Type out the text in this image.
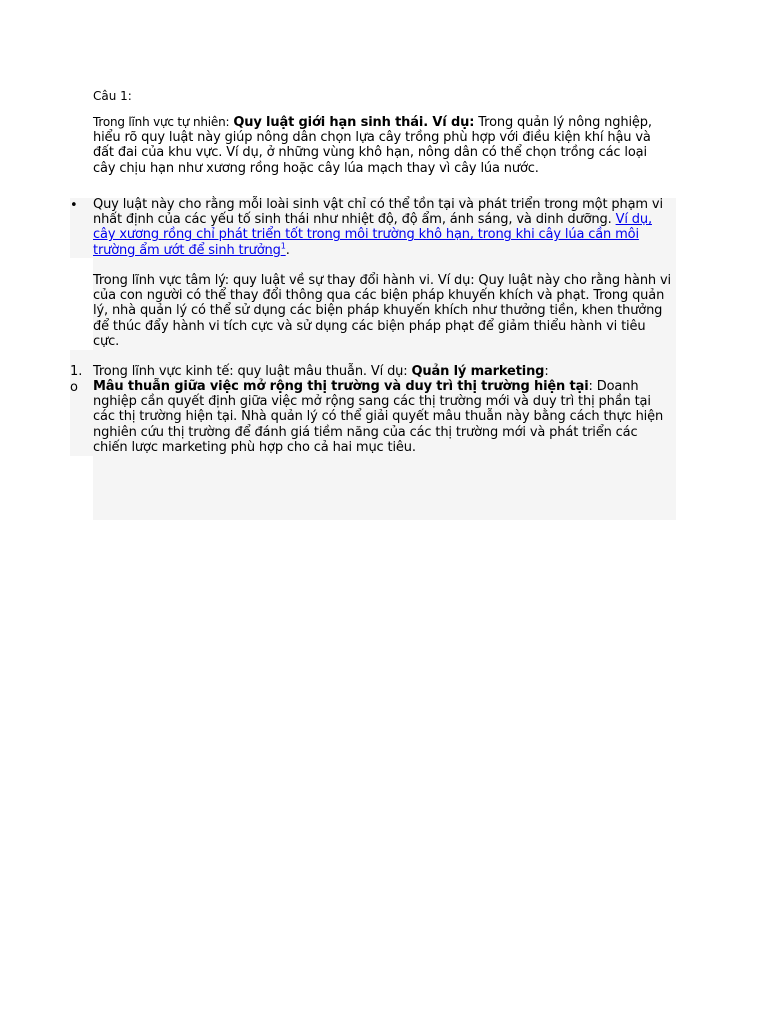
Câu 1:
Trong lĩnh vực tự nhiên: Quy luật giới hạn sinh thái. Ví dụ: Trong quản lý nông nghiệp, hiểu rõ quy luật này giúp nông dân chọn lựa cây trồng phù hợp với điều kiện khí hậu và đất đai của khu vực. Ví dụ, ở những vùng khô hạn, nông dân có thể chọn trồng các loại cây chịu hạn như xương rồng hoặc cây lúa mạch thay vì cây lúa nước.
• Quy luật này cho rằng mỗi loài sinh vật chỉ có thể tồn tại và phát triển trong một phạm vi nhất định của các yếu tố sinh thái như nhiệt độ, độ ẩm, ánh sáng, và dinh dưỡng. Ví dụ, cây xương rồng chỉ phát triển tốt trong môi trường khô hạn, trong khi cây lúa cần môi trường ẩm ướt để sinh trưởng$^1$.
Trong lĩnh vực tâm lý: quy luật về sự thay đổi hành vi. Ví dụ: Quy luật này cho rằng hành vi của con người có thể thay đổi thông qua các biện pháp khuyến khích và phạt. Trong quản lý, nhà quản lý có thể sử dụng các biện pháp khuyến khích như thưởng tiền, khen thưởng để thúc đẩy hành vi tích cực và sử dụng các biện pháp phạt để giảm thiểu hành vi tiêu cực.
1. Trong lĩnh vực kinh tế: quy luật mâu thuẫn. Ví dụ: Quản lý marketing:
o Mâu thuẫn giữa việc mở rộng thị trường và duy trì thị trường hiện tại: Doanh nghiệp cần quyết định giữa việc mở rộng sang các thị trường mới và duy trì thị phần tại các thị trường hiện tại. Nhà quản lý có thể giải quyết mâu thuẫn này bằng cách thực hiện nghiên cứu thị trường để đánh giá tiềm năng của các thị trường mới và phát triển các chiến lược marketing phù hợp cho cả hai mục tiêu.
